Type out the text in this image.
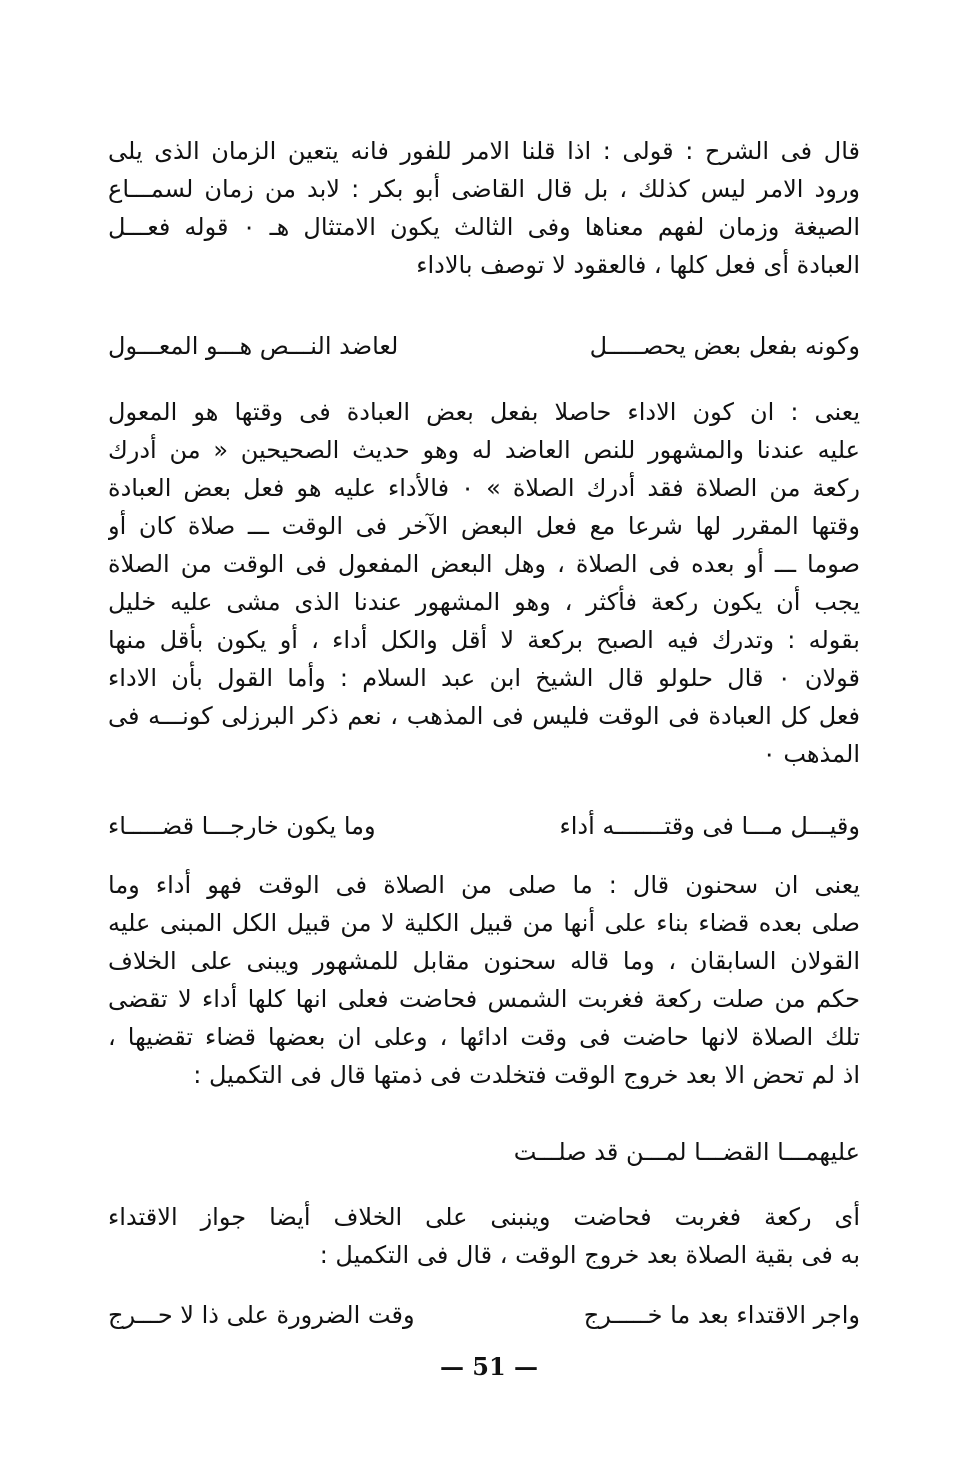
قال فى الشرح : قولى : اذا قلنا الامر للفور فانه يتعين الزمان الذى يلى
ورود الامر ليس كذلك ، بل قال القاضى أبو بكر : لابد من زمان لسمـــاع
الصيغة وزمان لفهم معناها وفى الثالث يكون الامتثال هـ ٠ قوله فعـــل
العبادة أى فعل كلها ، فالعقود لا توصف بالاداء
وكونه بفعل بعض يحصـــــل
لعاضد النـــص هـــو المعـــول
يعنى : ان كون الاداء حاصلا بفعل بعض العبادة فى وقتها هو المعول
عليه عندنا والمشهور للنص العاضد له وهو حديث الصحيحين « من أدرك
ركعة من الصلاة فقد أدرك الصلاة » ٠ فالأداء عليه هو فعل بعض العبادة
وقتها المقرر لها شرعا مع فعل البعض الآخر فى الوقت ـــ صلاة كان أو
صوما ـــ أو بعده فى الصلاة ، وهل البعض المفعول فى الوقت من الصلاة
يجب أن يكون ركعة فأكثر ، وهو المشهور عندنا الذى مشى عليه خليل
بقوله : وتدرك فيه الصبح بركعة لا أقل والكل أداء ، أو يكون بأقل منها
قولان ٠ قال حلولو قال الشيخ ابن عبد السلام : وأما القول بأن الاداء
فعل كل العبادة فى الوقت فليس فى المذهب ، نعم ذكر البرزلى كونـــه فى
المذهب ٠
وقيـــل مـــا فى وقتـــــــه أداء
وما يكون خارجـــا قضـــــاء
يعنى ان سحنون قال : ما صلى من الصلاة فى الوقت فهو أداء وما
صلى بعده قضاء بناء على أنها من قبيل الكلية لا من قبيل الكل المبنى عليه
القولان السابقان ، وما قاله سحنون مقابل للمشهور ويبنى على الخلاف
حكم من صلت ركعة فغربت الشمس فحاضت فعلى انها كلها أداء لا تقضى
تلك الصلاة لانها حاضت فى وقت ادائها ، وعلى ان بعضها قضاء تقضيها ،
اذ لم تحض الا بعد خروج الوقت فتخلدت فى ذمتها قال فى التكميل :
عليهمـــا القضـــا لمـــن قد صلـــت
أى ركعة فغربت فحاضت وينبنى على الخلاف أيضا جواز الاقتداء
به فى بقية الصلاة بعد خروج الوقت ، قال فى التكميل :
واجر الاقتداء بعد ما خـــــرج
وقت الضرورة على ذا لا حـــرج
— 51 —
